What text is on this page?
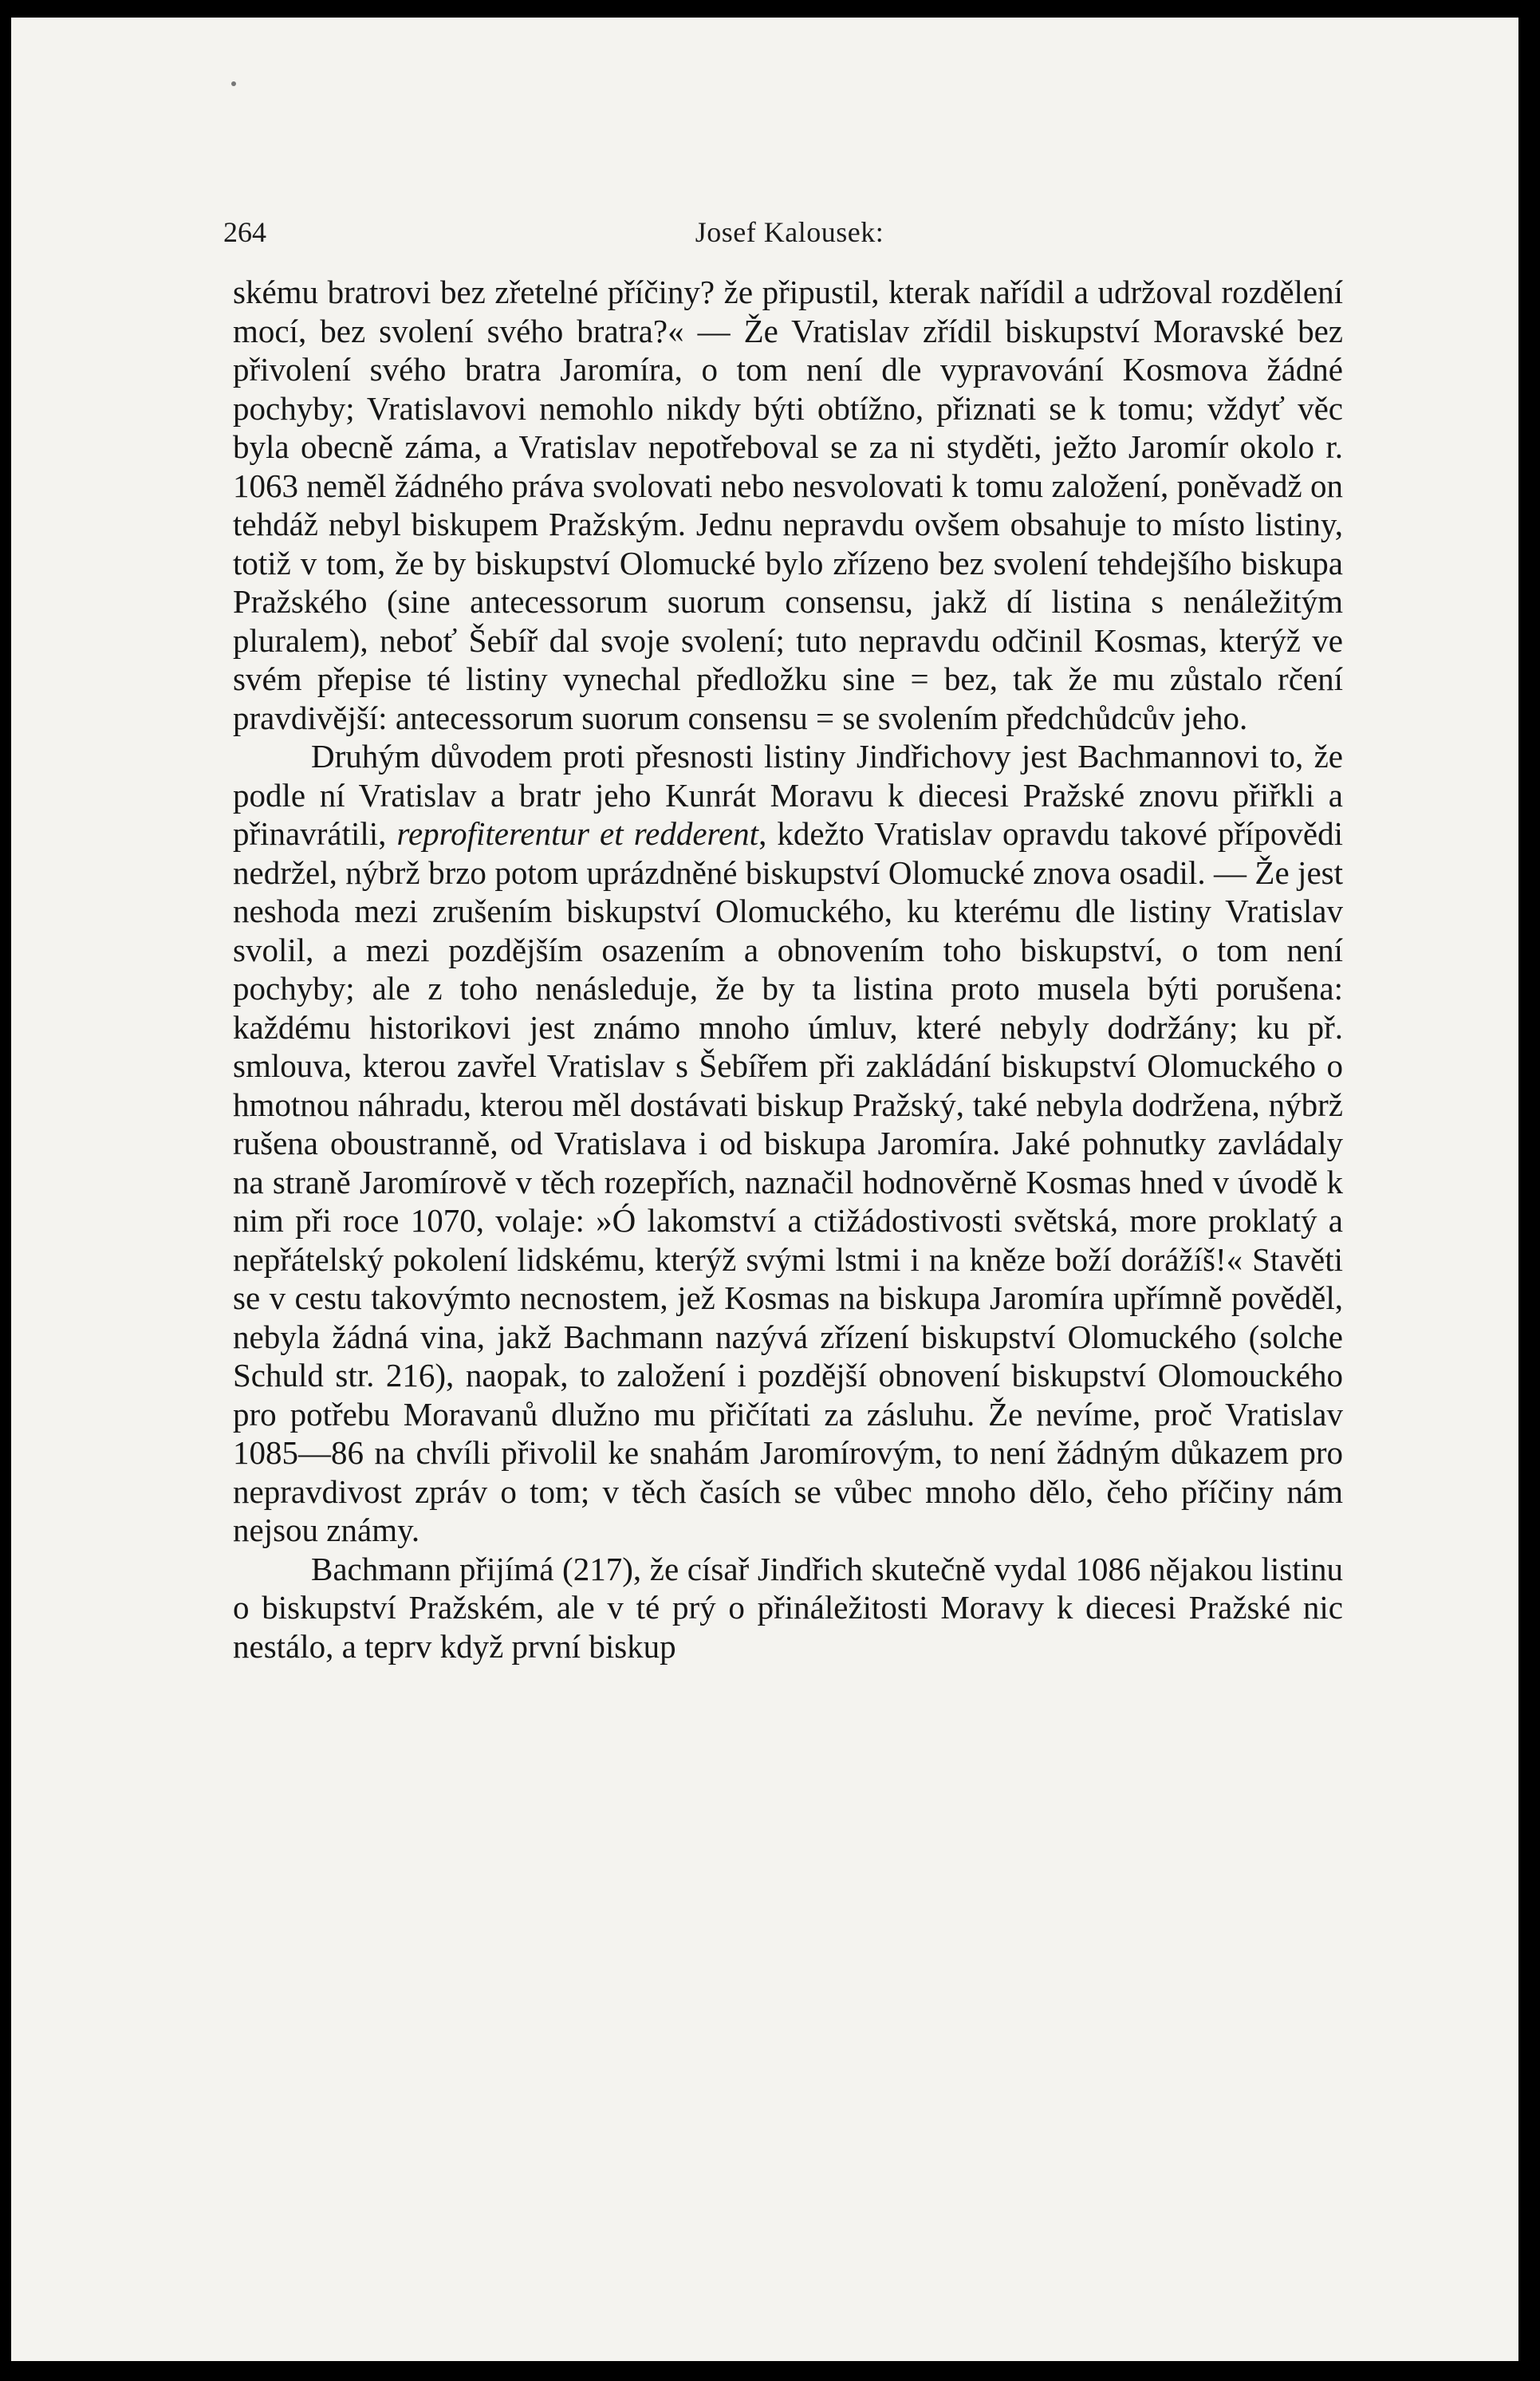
264	Josef Kalousek:

skému bratrovi bez zřetelné příčiny? že připustil, kterak nařídil a udržoval rozdělení mocí, bez svolení svého bratra?« — Že Vratislav zřídil biskupství Moravské bez přivolení svého bratra Jaromíra, o tom není dle vypravování Kosmova žádné pochyby; Vratislavovi nemohlo nikdy býti obtížno, přiznati se k tomu; vždyť věc byla obecně zámа, a Vratislav nepotřeboval se za ni styděti, ježto Jaromír okolo r. 1063 neměl žádného práva svolovati nebo nesvolovati k tomu založení, poněvadž on tehdáž nebyl biskupem Pražským. Jednu nepravdu ovšem obsahuje to místo listiny, totiž v tom, že by biskupství Olomucké bylo zřízeno bez svolení tehdejšího biskupa Pražského (sine antecessorum suorum consensu, jakž dí listina s nenáležitým pluralem), neboť Šebíř dal svoje svolení; tuto nepravdu odčinil Kosmas, kterýž ve svém přepise té listiny vynechal předložku sine = bez, tak že mu zůstalo rčení pravdivější: antecessorum suorum consensu = se svolením předchůdcův jeho.

Druhým důvodem proti přesnosti listiny Jindřichovy jest Bachmannovi to, že podle ní Vratislav a bratr jeho Kunrát Moravu k diecesi Pražské znovu přiřkli a přinavrátili, reprofiterentur et redderent, kdežto Vratislav opravdu takové přípovědi nedržel, nýbrž brzo potom uprázdněné biskupství Olomucké znova osadil. — Že jest neshoda mezi zrušením biskupství Olomuckého, ku kterému dle listiny Vratislav svolil, a mezi pozdějším osazením a obnovením toho biskupství, o tom není pochyby; ale z toho nenásleduje, že by ta listina proto musela býti porušena: každému historikovi jest známo mnoho úmluv, které nebyly dodržány; ku př. smlouva, kterou zavřel Vratislav s Šebířem při zakládání biskupství Olomuckého o hmotnou náhradu, kterou měl dostávati biskup Pražský, také nebyla dodržena, nýbrž rušena oboustranně, od Vratislava i od biskupa Jaromíra. Jaké pohnutky zavládaly na straně Jaromírově v těch rozepřích, naznačil hodnověrně Kosmas hned v úvodě k nim při roce 1070, volaje: »Ó lakomství a ctižádostivosti světská, more proklatý a nepřátelský pokolení lidskému, kterýž svými lstmi i na kněze boží dorážíš!« Stavěti se v cestu takovýmto necnostem, jež Kosmas na biskupa Jaromíra upřímně pověděl, nebyla žádná vina, jakž Bachmann nazývá zřízení biskupství Olomuckého (solche Schuld str. 216), naopak, to založení i pozdější obnovení biskupství Olomouckého pro potřebu Moravanů dlužno mu přičítati za zásluhu. Že nevíme, proč Vratislav 1085—86 na chvíli přivolil ke snahám Jaromírovým, to není žádným důkazem pro nepravdivost zpráv o tom; v těch časích se vůbec mnoho dělo, čeho příčiny nám nejsou známy.

Bachmann přijímá (217), že císař Jindřich skutečně vydal 1086 nějakou listinu o biskupství Pražském, ale v té prý o přináležitosti Moravy k diecesi Pražské nic nestálo, a teprv když první biskup
